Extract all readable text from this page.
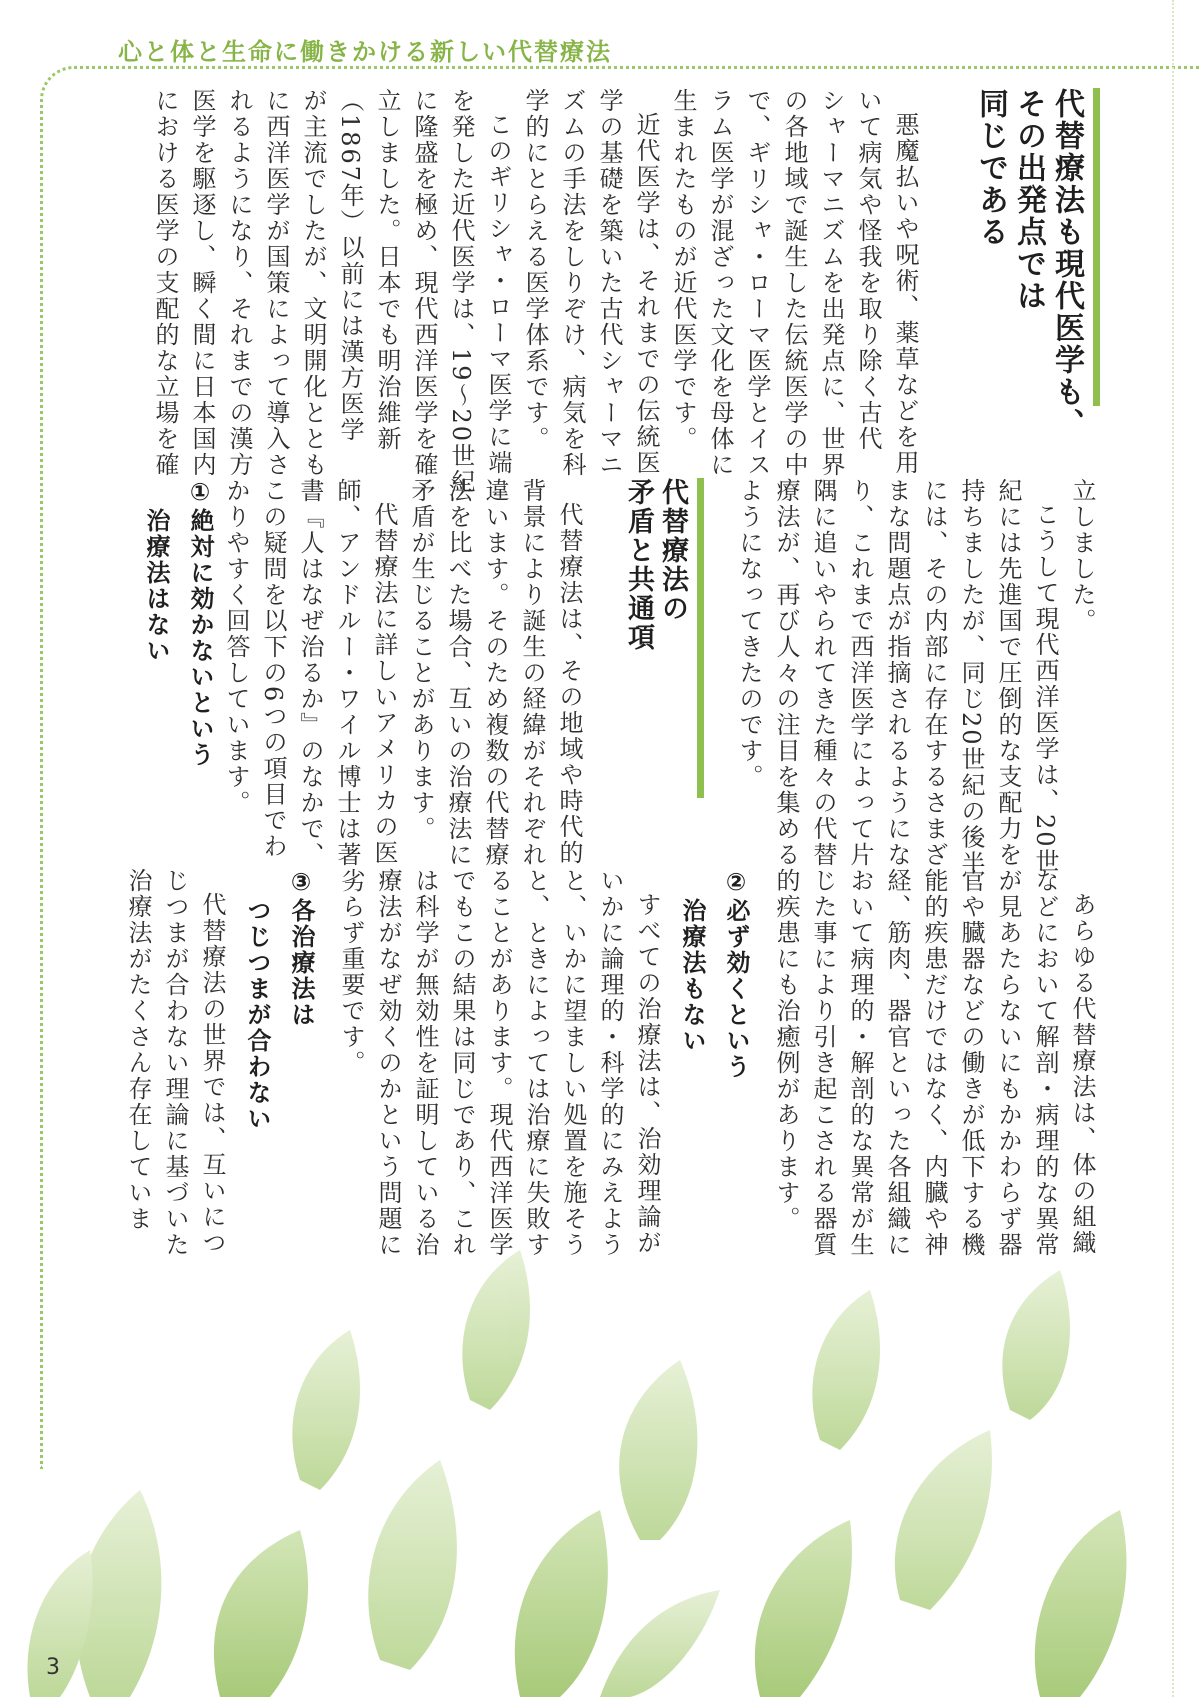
心と体と生命に働きかける新しい代替療法
代替療法も現代医学も、
その出発点では
同じである
悪魔払いや呪術、薬草などを用
いて病気や怪我を取り除く古代
シャーマニズムを出発点に、世界
の各地域で誕生した伝統医学の中
で、ギリシャ・ローマ医学とイス
ラム医学が混ざった文化を母体に
生まれたものが近代医学です。
近代医学は、それまでの伝統医
学の基礎を築いた古代シャーマニ
ズムの手法をしりぞけ、病気を科
学的にとらえる医学体系です。
このギリシャ・ローマ医学に端
を発した近代医学は、19〜20世紀
に隆盛を極め、現代西洋医学を確
立しました。日本でも明治維新
（1867年）以前には漢方医学
が主流でしたが、文明開化ととも
に西洋医学が国策によって導入さ
れるようになり、それまでの漢方
医学を駆逐し、瞬く間に日本国内
における医学の支配的な立場を確
立しました。
こうして現代西洋医学は、20世
紀には先進国で圧倒的な支配力を
持ちましたが、同じ20世紀の後半
には、その内部に存在するさまざ
まな問題点が指摘されるようにな
り、これまで西洋医学によって片
隅に追いやられてきた種々の代替
療法が、再び人々の注目を集める
ようになってきたのです。
代替療法の
矛盾と共通項
代替療法は、その地域や時代的
背景により誕生の経緯がそれぞれ
違います。そのため複数の代替療
法を比べた場合、互いの治療法に
矛盾が生じることがあります。
代替療法に詳しいアメリカの医
師、アンドルー・ワイル博士は著
書『人はなぜ治るか』のなかで、
この疑問を以下の6つの項目でわ
かりやすく回答しています。
①絶対に効かないという
治療法はない
あらゆる代替療法は、体の組織
などにおいて解剖・病理的な異常
が見あたらないにもかかわらず器
官や臓器などの働きが低下する機
能的疾患だけではなく、内臓や神
経、筋肉、器官といった各組織に
おいて病理的・解剖的な異常が生
じた事により引き起こされる器質
的疾患にも治癒例があります。
②必ず効くという
治療法もない
すべての治療法は、治効理論が
いかに論理的・科学的にみえよう
と、いかに望ましい処置を施そう
と、ときによっては治療に失敗す
ることがあります。現代西洋医学
でもこの結果は同じであり、これ
は科学が無効性を証明している治
療法がなぜ効くのかという問題に
劣らず重要です。
③各治療法は
つじつまが合わない
代替療法の世界では、互いにつ
じつまが合わない理論に基づいた
治療法がたくさん存在していま
3
